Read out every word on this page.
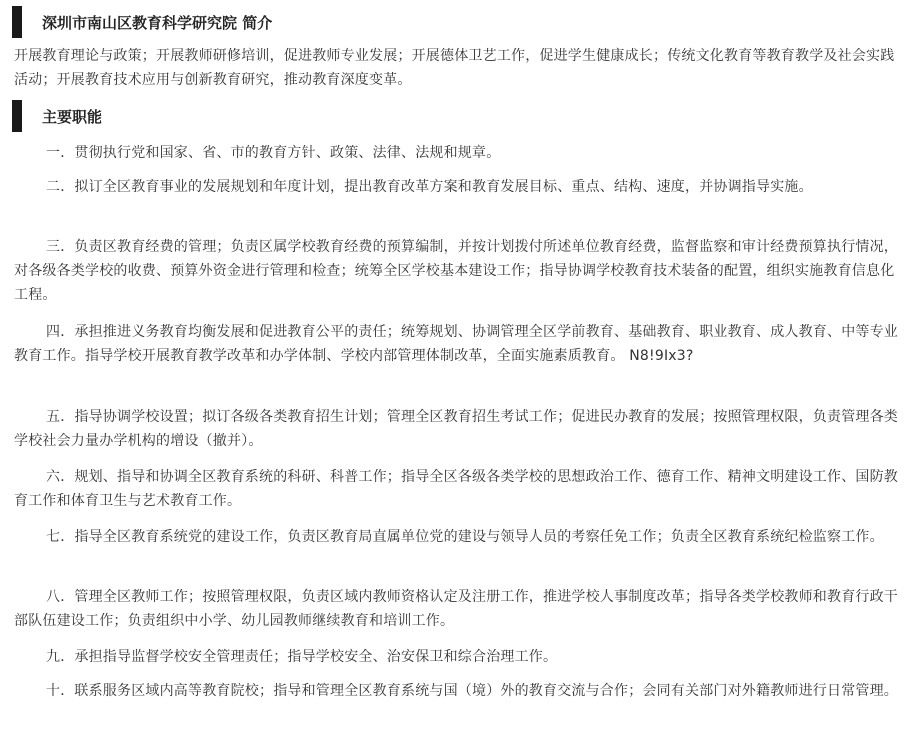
深圳市南山区教育科学研究院 简介

开展教育理论与政策；开展教师研修培训，促进教师专业发展；开展德体卫艺工作，促进学生健康成长；传统文化教育等教育教学及社会实践活动；开展教育技术应用与创新教育研究，推动教育深度变革。

主要职能

一．贯彻执行党和国家、省、市的教育方针、政策、法律、法规和规章。

二．拟订全区教育事业的发展规划和年度计划，提出教育改革方案和教育发展目标、重点、结构、速度，并协调指导实施。

三．负责区教育经费的管理；负责区属学校教育经费的预算编制，并按计划拨付所述单位教育经费，监督监察和审计经费预算执行情况，对各级各类学校的收费、预算外资金进行管理和检查；统筹全区学校基本建设工作；指导协调学校教育技术装备的配置，组织实施教育信息化工程。

四．承担推进义务教育均衡发展和促进教育公平的责任；统筹规划、协调管理全区学前教育、基础教育、职业教育、成人教育、中等专业教育工作。指导学校开展教育教学改革和办学体制、学校内部管理体制改革，全面实施素质教育。 N8!9Ix3?

五．指导协调学校设置；拟订各级各类教育招生计划；管理全区教育招生考试工作；促进民办教育的发展；按照管理权限，负责管理各类学校社会力量办学机构的增设（撤并）。

六．规划、指导和协调全区教育系统的科研、科普工作；指导全区各级各类学校的思想政治工作、德育工作、精神文明建设工作、国防教育工作和体育卫生与艺术教育工作。

七．指导全区教育系统党的建设工作，负责区教育局直属单位党的建设与领导人员的考察任免工作；负责全区教育系统纪检监察工作。

八．管理全区教师工作；按照管理权限，负责区域内教师资格认定及注册工作，推进学校人事制度改革；指导各类学校教师和教育行政干部队伍建设工作；负责组织中小学、幼儿园教师继续教育和培训工作。

九．承担指导监督学校安全管理责任；指导学校安全、治安保卫和综合治理工作。

十．联系服务区域内高等教育院校；指导和管理全区教育系统与国（境）外的教育交流与合作；会同有关部门对外籍教师进行日常管理。
